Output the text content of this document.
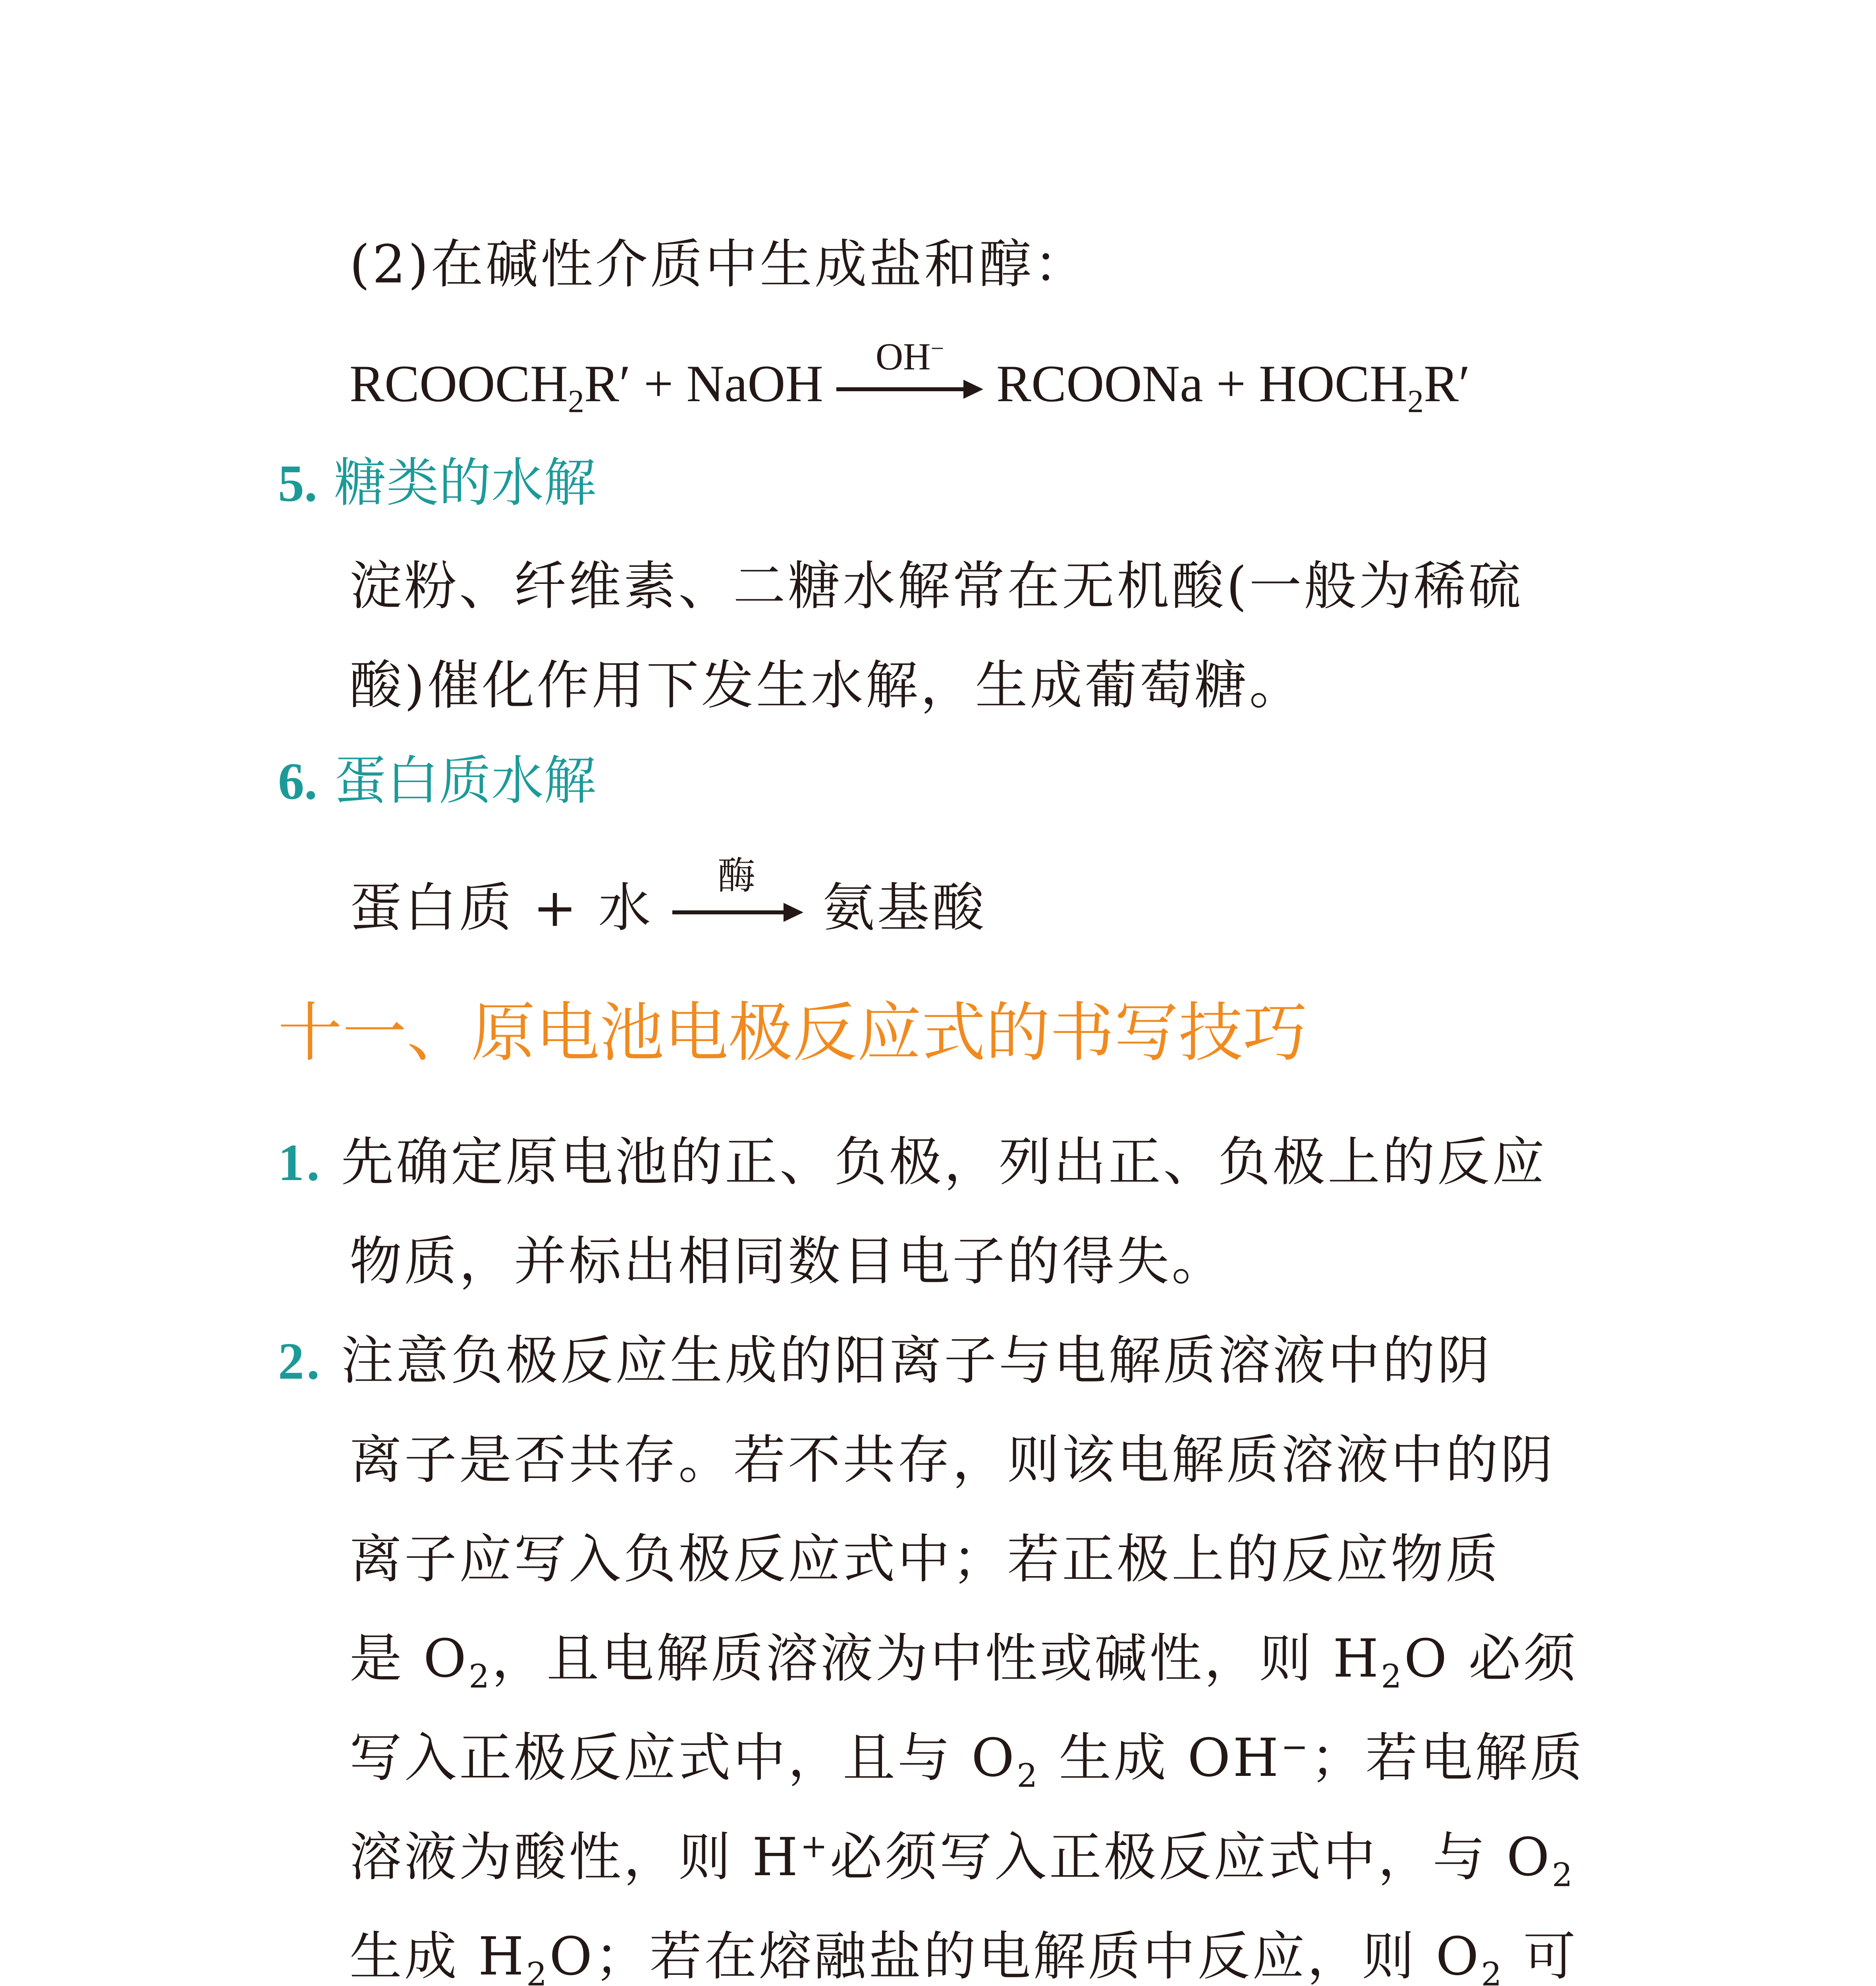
(2)在碱性介质中生成盐和醇：
$RCOOCH_2R'$ + NaOH	OH−
RCOONa + $HOCH_2R'$
5. 糖类的水解
淀粉、纤维素、二糖水解常在无机酸(一般为稀硫
酸)催化作用下发生水解，生成葡萄糖。
6. 蛋白质水解
蛋白质 + 水
酶
氨基酸
十一、原电池电极反应式的书写技巧
1. 先确定原电池的正、负极，列出正、负极上的反应
物质，并标出相同数目电子的得失。
2. 注意负极反应生成的阳离子与电解质溶液中的阴
离子是否共存。若不共存，则该电解质溶液中的阴
离子应写入负极反应式中；若正极上的反应物质
是 $O_2$，且电解质溶液为中性或碱性，则 $H_2O$ 必须
写入正极反应式中，且与 $O_2$ 生成 OH−；若电解质
溶液为酸性，则 H+必须写入正极反应式中，与 $O_2$
生成 $H_2O$；若在熔融盐的电解质中反应，则 $O_2$ 可
